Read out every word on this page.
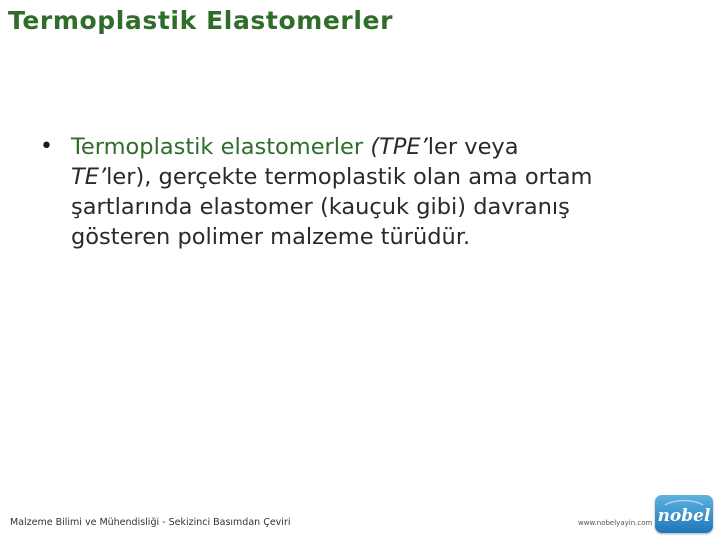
Termoplastik Elastomerler
• Termoplastik elastomerler (TPE’ler veya
TE’ler), gerçekte termoplastik olan ama ortam
şartlarında elastomer (kauçuk gibi) davranış
gösteren polimer malzeme türüdür.
Malzeme Bilimi ve Mühendisliği - Sekizinci Basımdan Çeviri	www.nobelyayin.com nobel
